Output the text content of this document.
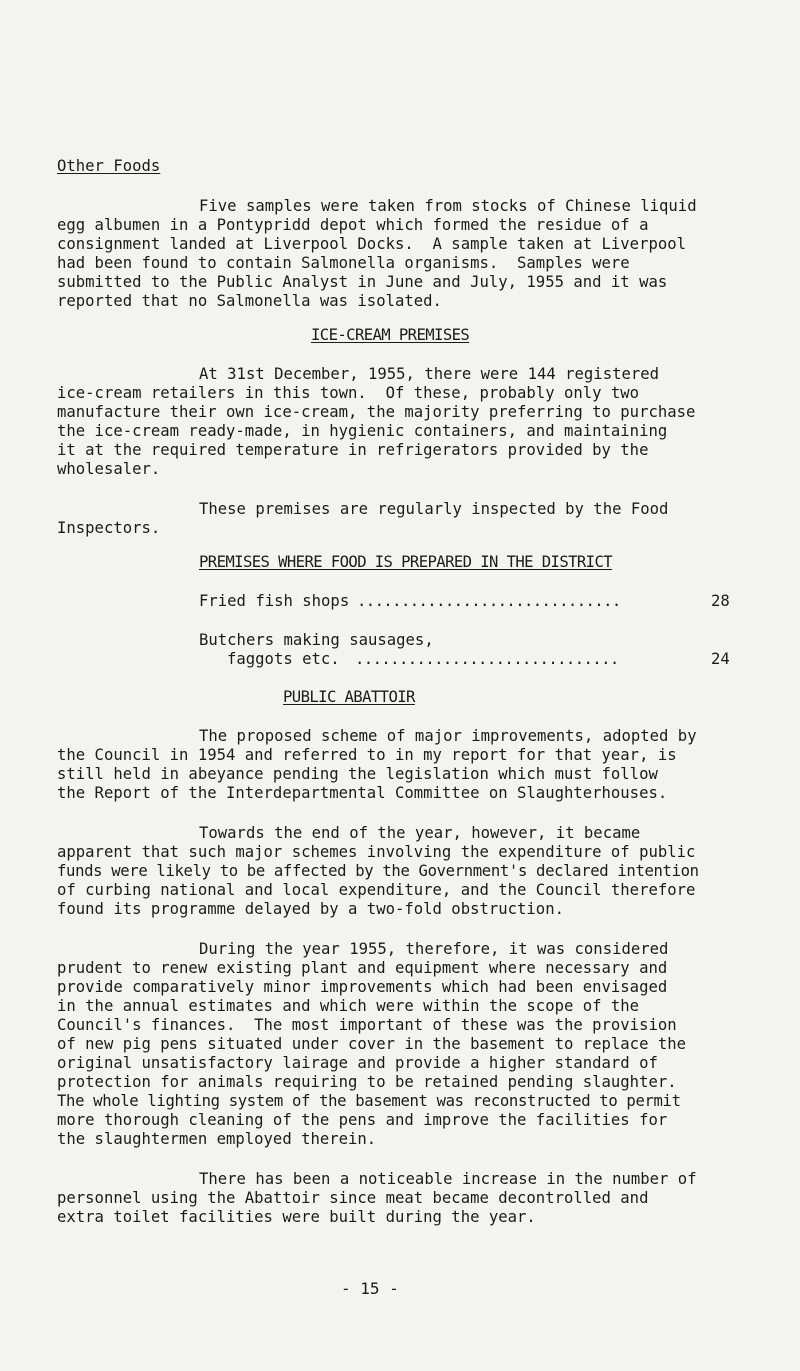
Other Foods
Five samples were taken from stocks of Chinese liquid
egg albumen in a Pontypridd depot which formed the residue of a
consignment landed at Liverpool Docks.  A sample taken at Liverpool
had been found to contain Salmonella organisms.  Samples were
submitted to the Public Analyst in June and July, 1955 and it was
reported that no Salmonella was isolated.
ICE-CREAM PREMISES
At 31st December, 1955, there were 144 registered
ice-cream retailers in this town.  Of these, probably only two
manufacture their own ice-cream, the majority preferring to purchase
the ice-cream ready-made, in hygienic containers, and maintaining
it at the required temperature in refrigerators provided by the
wholesaler.
These premises are regularly inspected by the Food
Inspectors.
PREMISES WHERE FOOD IS PREPARED IN THE DISTRICT
Fried fish shops ..............................	28
Butchers making sausages,
faggots etc. ..............................	24
PUBLIC ABATTOIR
The proposed scheme of major improvements, adopted by
the Council in 1954 and referred to in my report for that year, is
still held in abeyance pending the legislation which must follow
the Report of the Interdepartmental Committee on Slaughterhouses.
Towards the end of the year, however, it became
apparent that such major schemes involving the expenditure of public
funds were likely to be affected by the Government's declared intention
of curbing national and local expenditure, and the Council therefore
found its programme delayed by a two-fold obstruction.
During the year 1955, therefore, it was considered
prudent to renew existing plant and equipment where necessary and
provide comparatively minor improvements which had been envisaged
in the annual estimates and which were within the scope of the
Council's finances.  The most important of these was the provision
of new pig pens situated under cover in the basement to replace the
original unsatisfactory lairage and provide a higher standard of
protection for animals requiring to be retained pending slaughter.
The whole lighting system of the basement was reconstructed to permit
more thorough cleaning of the pens and improve the facilities for
the slaughtermen employed therein.
There has been a noticeable increase in the number of
personnel using the Abattoir since meat became decontrolled and
extra toilet facilities were built during the year.
- 15 -
